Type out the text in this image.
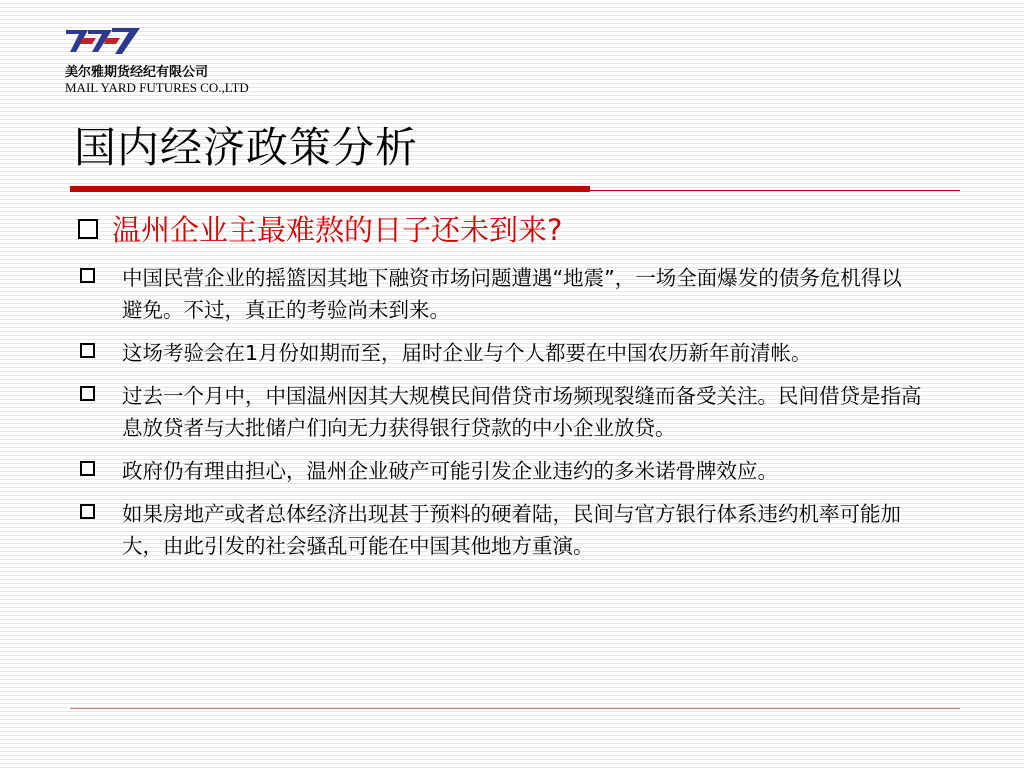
美尔雅期货经纪有限公司
MAIL YARD FUTURES CO.,LTD
国内经济政策分析
温州企业主最难熬的日子还未到来?
中国民营企业的摇篮因其地下融资市场问题遭遇“地震”，一场全面爆发的债务危机得以避免。不过，真正的考验尚未到来。
这场考验会在1月份如期而至，届时企业与个人都要在中国农历新年前清帐。
过去一个月中，中国温州因其大规模民间借贷市场频现裂缝而备受关注。民间借贷是指高息放贷者与大批储户们向无力获得银行贷款的中小企业放贷。
政府仍有理由担心，温州企业破产可能引发企业违约的多米诺骨牌效应。
如果房地产或者总体经济出现甚于预料的硬着陆，民间与官方银行体系违约机率可能加大，由此引发的社会骚乱可能在中国其他地方重演。
